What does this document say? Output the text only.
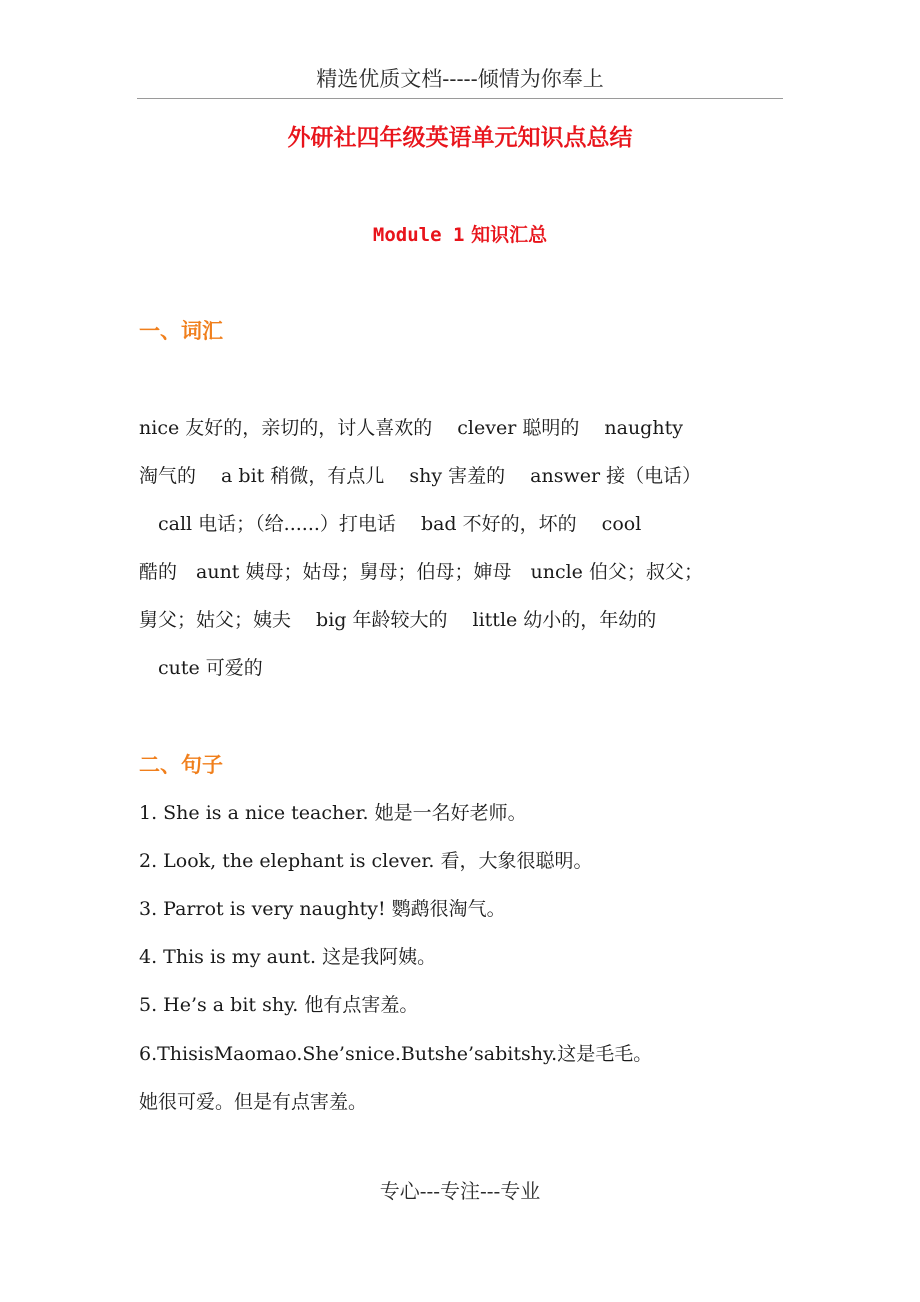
精选优质文档-----倾情为你奉上
外研社四年级英语单元知识点总结
Module 1 知识汇总
一、词汇
nice 友好的，亲切的，讨人喜欢的　 clever 聪明的　 naughty
淘气的　 a bit 稍微，有点儿　 shy 害羞的　 answer 接（电话）
　call 电话；（给......）打电话　 bad 不好的，坏的　 cool
酷的　aunt 姨母；姑母；舅母；伯母；婶母　uncle 伯父；叔父；
舅父；姑父；姨夫　 big 年龄较大的　 little 幼小的，年幼的
　cute 可爱的
二、句子
1. She is a nice teacher. 她是一名好老师。
2. Look, the elephant is clever. 看，大象很聪明。
3. Parrot is very naughty! 鹦鹉很淘气。
4. This is my aunt. 这是我阿姨。
5. He’s a bit shy. 他有点害羞。
6.ThisisMaomao.She’snice.Butshe’sabitshy.这是毛毛。
她很可爱。但是有点害羞。
专心---专注---专业
